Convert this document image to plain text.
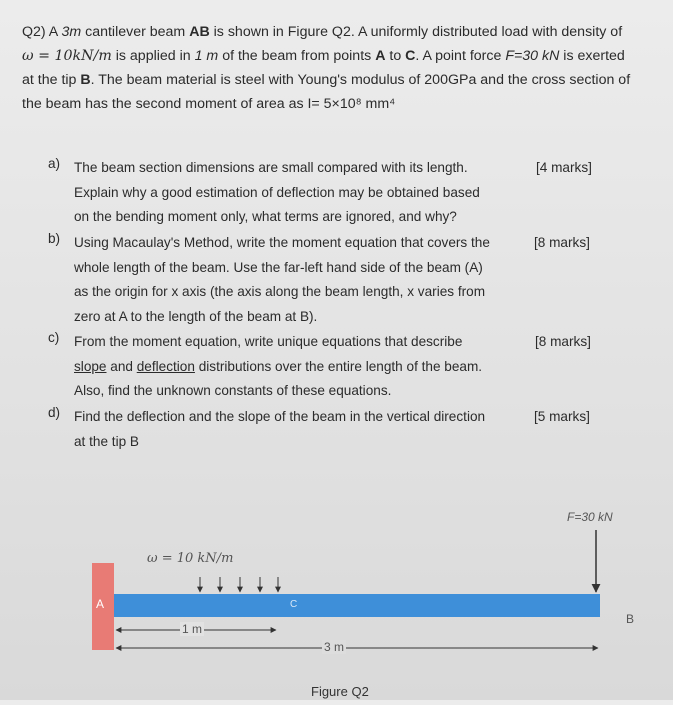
Q2) A 3m cantilever beam AB is shown in Figure Q2. A uniformly distributed load with density of
ω = 10kN/m is applied in 1 m of the beam from points A to C. A point force F=30 kN is exerted
at the tip B. The beam material is steel with Young's modulus of 200GPa and the cross section of
the beam has the second moment of area as I= 5×10⁸ mm⁴
a) The beam section dimensions are small compared with its length.
Explain why a good estimation of deflection may be obtained based
on the bending moment only, what terms are ignored, and why?
[4 marks]
b) Using Macaulay's Method, write the moment equation that covers the
whole length of the beam. Use the far-left hand side of the beam (A)
as the origin for x axis (the axis along the beam length, x varies from
zero at A to the length of the beam at B).
[8 marks]
c) From the moment equation, write unique equations that describe
slope and deflection distributions over the entire length of the beam.
Also, find the unknown constants of these equations.
[8 marks]
d) Find the deflection and the slope of the beam in the vertical direction
at the tip B
[5 marks]
F=30 kN
ω = 10 kN/m
A	C
B
1 m
3 m
Figure Q2
